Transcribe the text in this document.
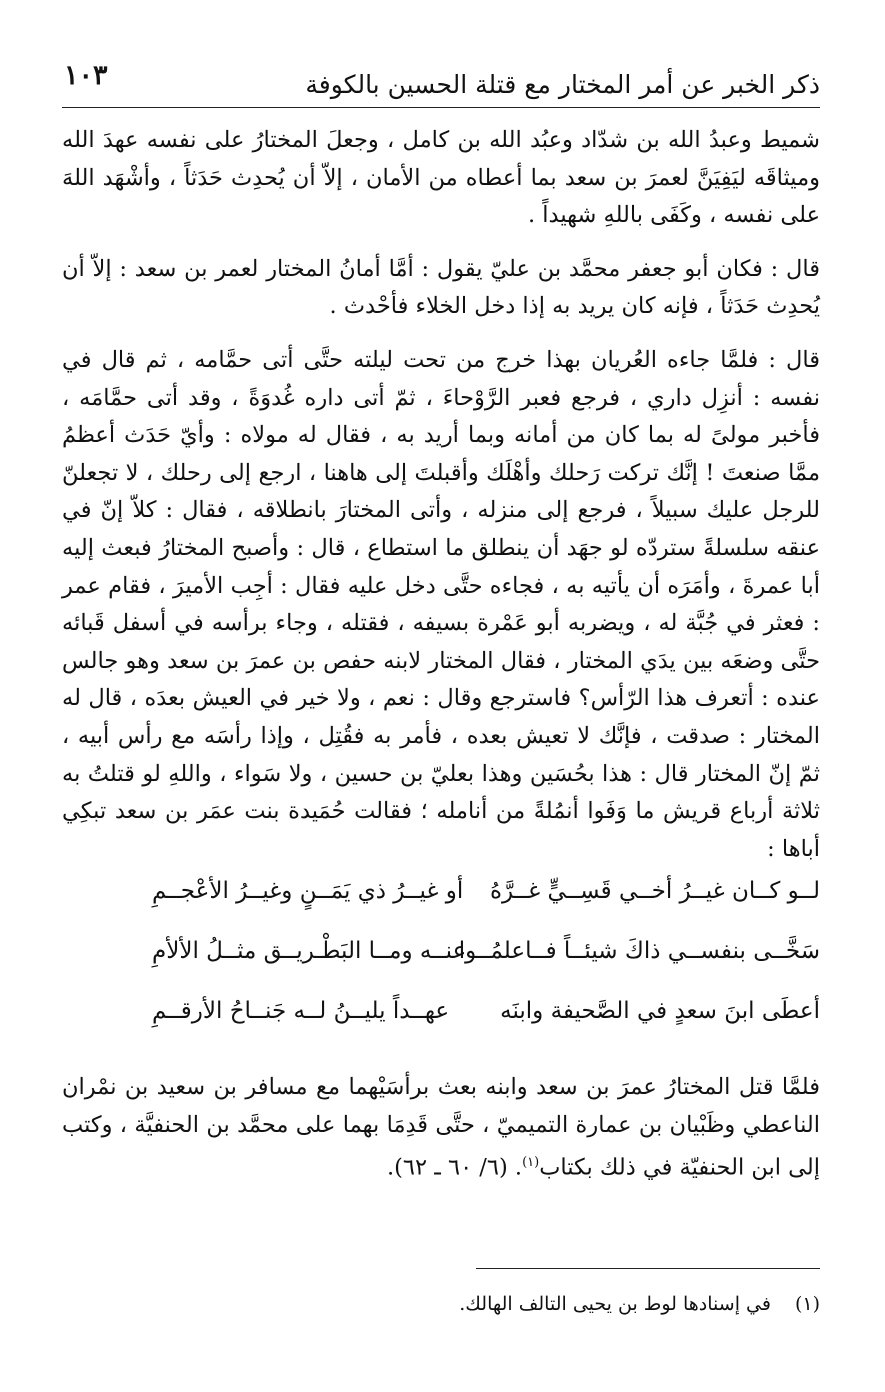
ذكر الخبر عن أمر المختار مع قتلة الحسين بالكوفة
١٠٣

شميط وعبدُ الله بن شدّاد وعبُد الله بن كامل ، وجعلَ المختارُ على نفسه عهدَ الله وميثاقَه ليَفِيَنَّ لعمرَ بن سعد بما أعطاه من الأمان ، إلاّ أن يُحدِث حَدَثاً ، وأشْهَد اللهَ على نفسه ، وكَفَى باللهِ شهيداً .

قال : فكان أبو جعفر محمَّد بن عليّ يقول : أمَّا أمانُ المختار لعمر بن سعد : إلاّ أن يُحدِث حَدَثاً ، فإنه كان يريد به إذا دخل الخلاء فأحْدث .

قال : فلمَّا جاءه العُريان بهذا خرج من تحت ليلته حتَّى أتى حمَّامه ، ثم قال في نفسه : أنزِل داري ، فرجع فعبر الرَّوْحاءَ ، ثمّ أتى داره غُدوَةً ، وقد أتى حمَّامَه ، فأخبر مولىً له بما كان من أمانه وبما أريد به ، فقال له مولاه : وأيّ حَدَث أعظمُ ممَّا صنعتَ ! إنَّك تركت رَحلك وأهْلَك وأقبلتَ إلى هاهنا ، ارجع إلى رحلك ، لا تجعلنّ للرجل عليك سبيلاً ، فرجع إلى منزله ، وأتى المختارَ بانطلاقه ، فقال : كلاّ إنّ في عنقه سلسلةً ستردّه لو جهَد أن ينطلق ما استطاع ، قال : وأصبح المختارُ فبعث إليه أبا عمرةَ ، وأمَرَه أن يأتيه به ، فجاءه حتَّى دخل عليه فقال : أجِب الأميرَ ، فقام عمر : فعثر في جُبَّة له ، ويضربه أبو عَمْرة بسيفه ، فقتله ، وجاء برأسه في أسفل قَبائه حتَّى وضعَه بين يدَي المختار ، فقال المختار لابنه حفص بن عمرَ بن سعد وهو جالس عنده : أتعرف هذا الرّأس؟ فاسترجع وقال : نعم ، ولا خير في العيش بعدَه ، قال له المختار : صدقت ، فإنَّك لا تعيش بعده ، فأمر به فقُتِل ، وإذا رأسَه مع رأس أبيه ، ثمّ إنّ المختار قال : هذا بحُسَين وهذا بعليّ بن حسين ، ولا سَواء ، واللهِ لو قتلتُ به ثلاثة أرباع قريش ما وَفَوا أنمُلةً من أنامله ؛ فقالت حُمَيدة بنت عمَر بن سعد تبكِي أباها :

لــو كــان غيــرُ أخــي قَسِــيٍّ غــرَّهُ
أو غيــرُ ذي يَمَــنٍ وغيــرُ الأعْجــمِ
سَخَّــى بنفســي ذاكَ شيئــاً فــاعلمُــوا
عنــه ومــا البَطْـريــق مثــلُ الألأمِ
أعطَى ابنَ سعدٍ في الصَّحيفة وابنَه
عهــداً يليــنُ لــه جَنــاحُ الأرقــمِ

فلمَّا قتل المختارُ عمرَ بن سعد وابنه بعث برأسَيْهما مع مسافر بن سعيد بن نمْران الناعطي وظَبْيان بن عمارة التميميّ ، حتَّى قَدِمَا بهما على محمَّد بن الحنفيَّة ، وكتب إلى ابن الحنفيّة في ذلك بكتاب$^{(١)}$. (٦/ ٦٠ ـ ٦٢).

(١)في إسنادها لوط بن يحيى التالف الهالك.
